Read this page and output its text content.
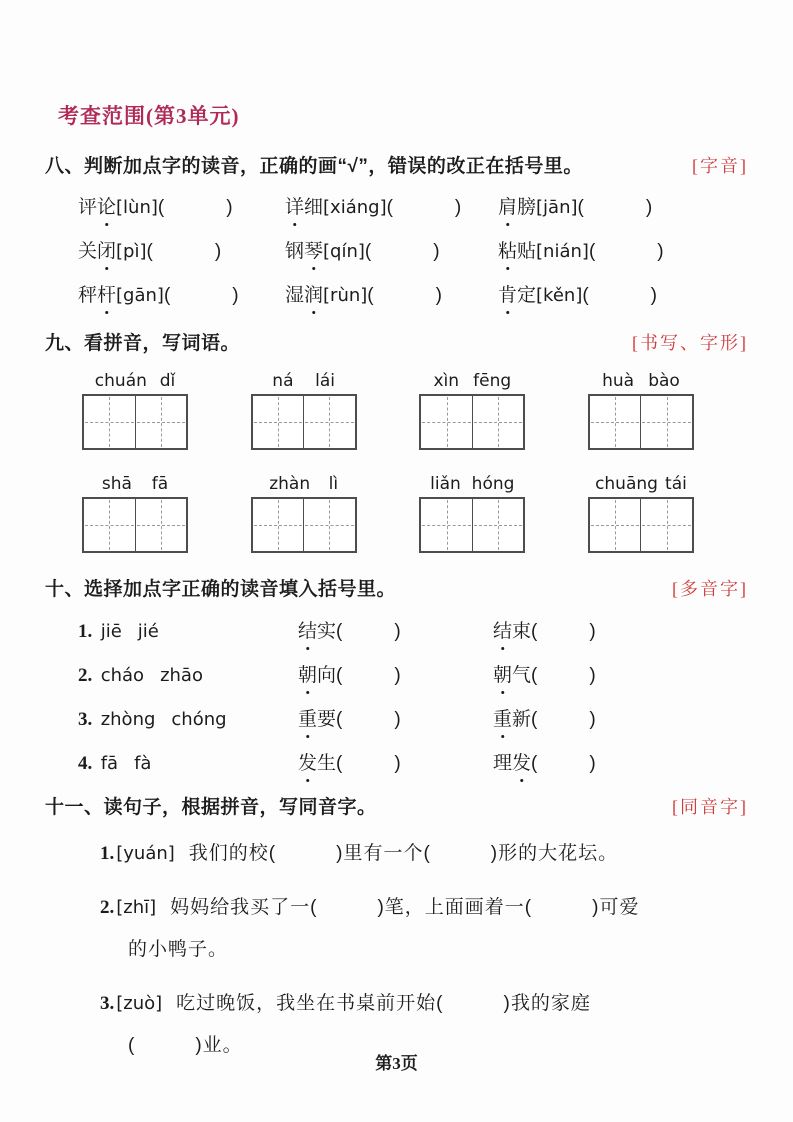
考查范围(第3单元)
八、判断加点字的读音，正确的画“√”，错误的改正在括号里。	[字音]
评论[lùn](	)	详细[xiáng](	)	肩膀[jān](	)
关闭[pì](	)	钢琴[qín](	)	粘贴[nián](	)
秤杆[gān](	)	湿润[rùn](	)	肯定[kěn](	)
九、看拼音，写词语。	[书写、字形]
chuán dǐ	ná lái	xìn fēng	huà bào
shā fā	zhàn lì	liǎn hóng	chuāng tái
十、选择加点字正确的读音填入括号里。	[多音字]
1. jiē jié	结实(	)	结束(	)
2. cháo zhāo	朝向(	)	朝气(	)
3. zhòng chóng	重要(	)	重新(	)
4. fā fà	发生(	)	理发(	)
十一、读句子，根据拼音，写同音字。	[同音字]
1. [yuán] 我们的校(　　　)里有一个(　　　)形的大花坛。
2. [zhī] 妈妈给我买了一(　　　)笔，上面画着一(　　　)可爱
的小鸭子。
3. [zuò] 吃过晚饭，我坐在书桌前开始(　　　)我的家庭
(　　　)业。
第3页
